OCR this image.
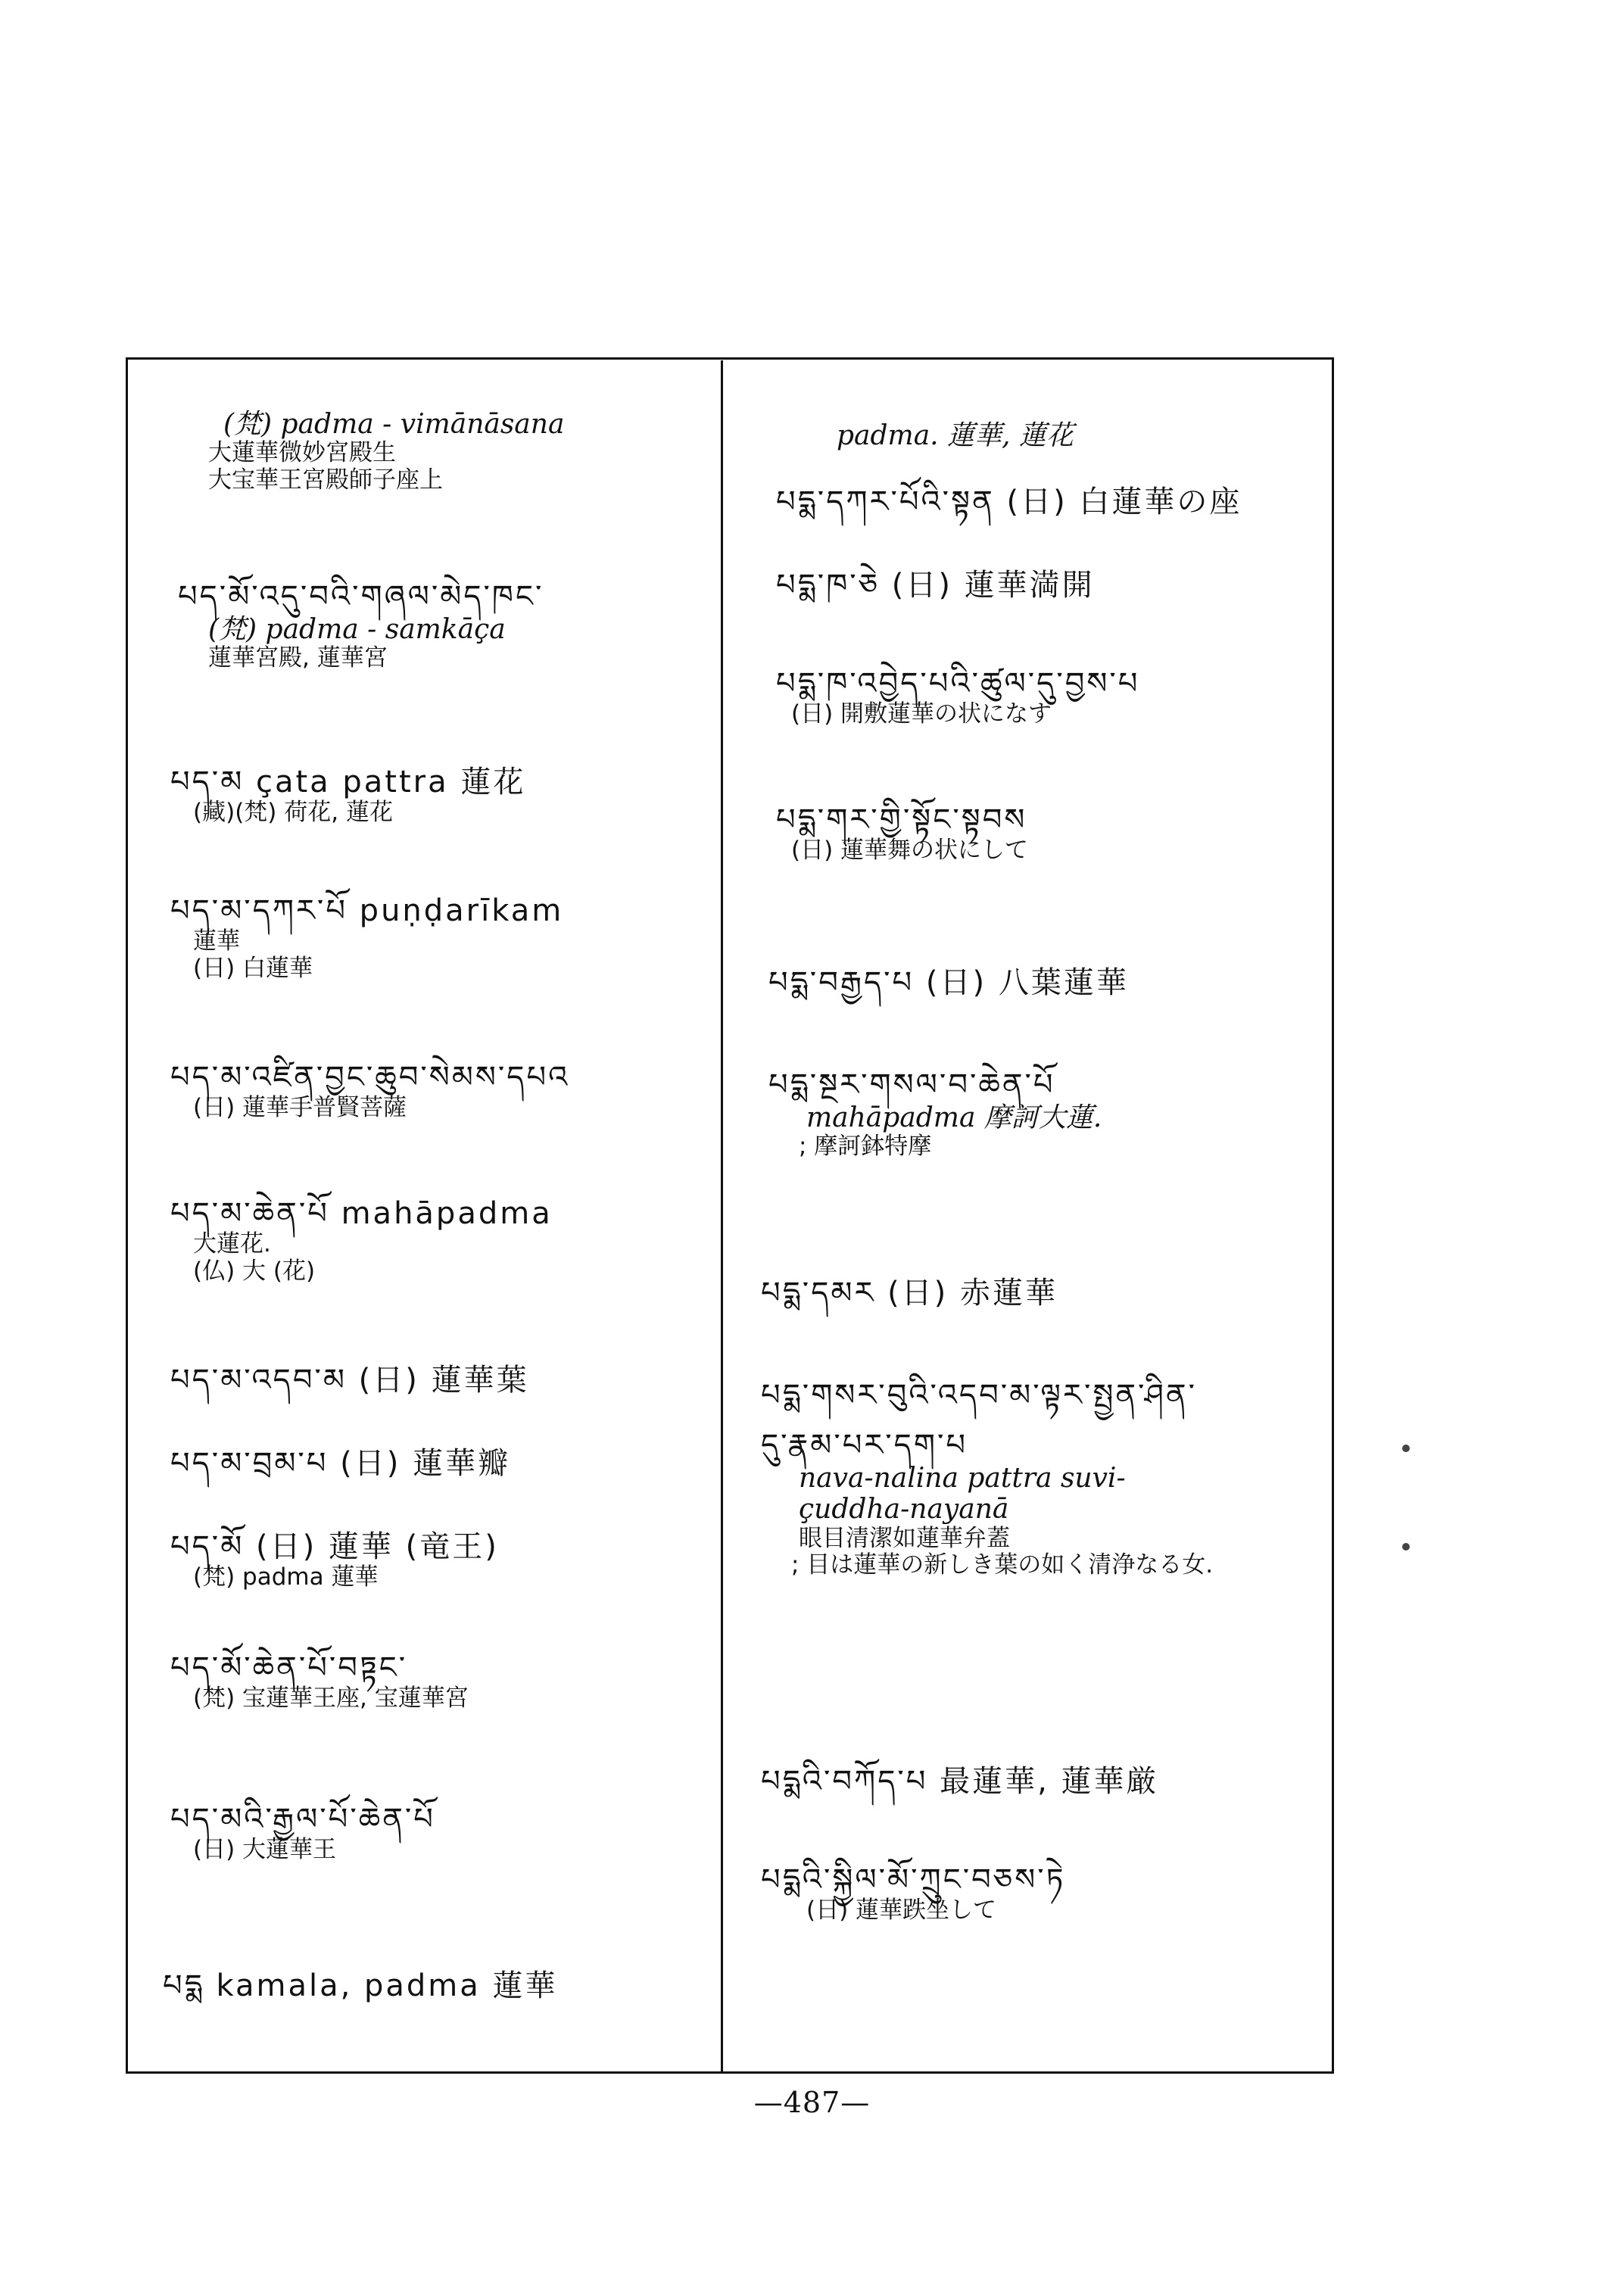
(梵) padma - vimānāsana
大蓮華微妙宮殿生
大宝華王宮殿師子座上
པད་མོ་འདུ་བའི་གཞལ་མེད་ཁང་
(梵) padma - samkāça
蓮華宮殿, 蓮華宮
པད་མ çata pattra 蓮花
(藏)(梵) 荷花, 蓮花
པད་མ་དཀར་པོ puṇḍarīkam
蓮華
(日) 白蓮華
པད་མ་འཛིན་བྱང་ཆུབ་སེམས་དཔའ
(日) 蓮華手普賢菩薩
པད་མ་ཆེན་པོ mahāpadma
大蓮花.
(仏) 大 (花)
པད་མ་འདབ་མ (日) 蓮華葉
པད་མ་བྲམ་པ (日) 蓮華瓣
པད་མོ (日) 蓮華 (竜王)
(梵) padma 蓮華
པད་མོ་ཆེན་པོ་བཏྟང་
(梵) 宝蓮華王座, 宝蓮華宮
པད་མའི་རྒྱལ་པོ་ཆེན་པོ
(日) 大蓮華王
པདྨ kamala, padma 蓮華
padma. 蓮華, 蓮花
པདྨ་དཀར་པོའི་སྟན (日) 白蓮華の座
པདྨ་ཁ་ཅེ (日) 蓮華満開
པདྨ་ཁ་འབྱེད་པའི་ཚུལ་དུ་བྱས་པ
(日) 開敷蓮華の状になす
པདྨ་གར་གྱི་སྟོང་སྟབས
(日) 蓮華舞の状にして
པདྨ་བརྒྱད་པ (日) 八葉蓮華
པདྨ་སྔར་གསལ་བ་ཆེན་པོ
mahāpadma 摩訶大蓮.
; 摩訶鉢特摩
པདྨ་དམར (日) 赤蓮華
པདྨ་གསར་བུའི་འདབ་མ་ལྟར་སྤྱན་ཤིན་
དུ་རྣམ་པར་དག་པ
nava-nalina pattra suvi-
çuddha-nayanā
眼目清潔如蓮華弁蓋
; 目は蓮華の新しき葉の如く清浄なる女.
པདྨའི་བཀོད་པ 最蓮華, 蓮華厳
པདྨའི་སྐྱིལ་མོ་ཀྲུང་བཅས་ཏེ
(日) 蓮華跌坐して
—487—
